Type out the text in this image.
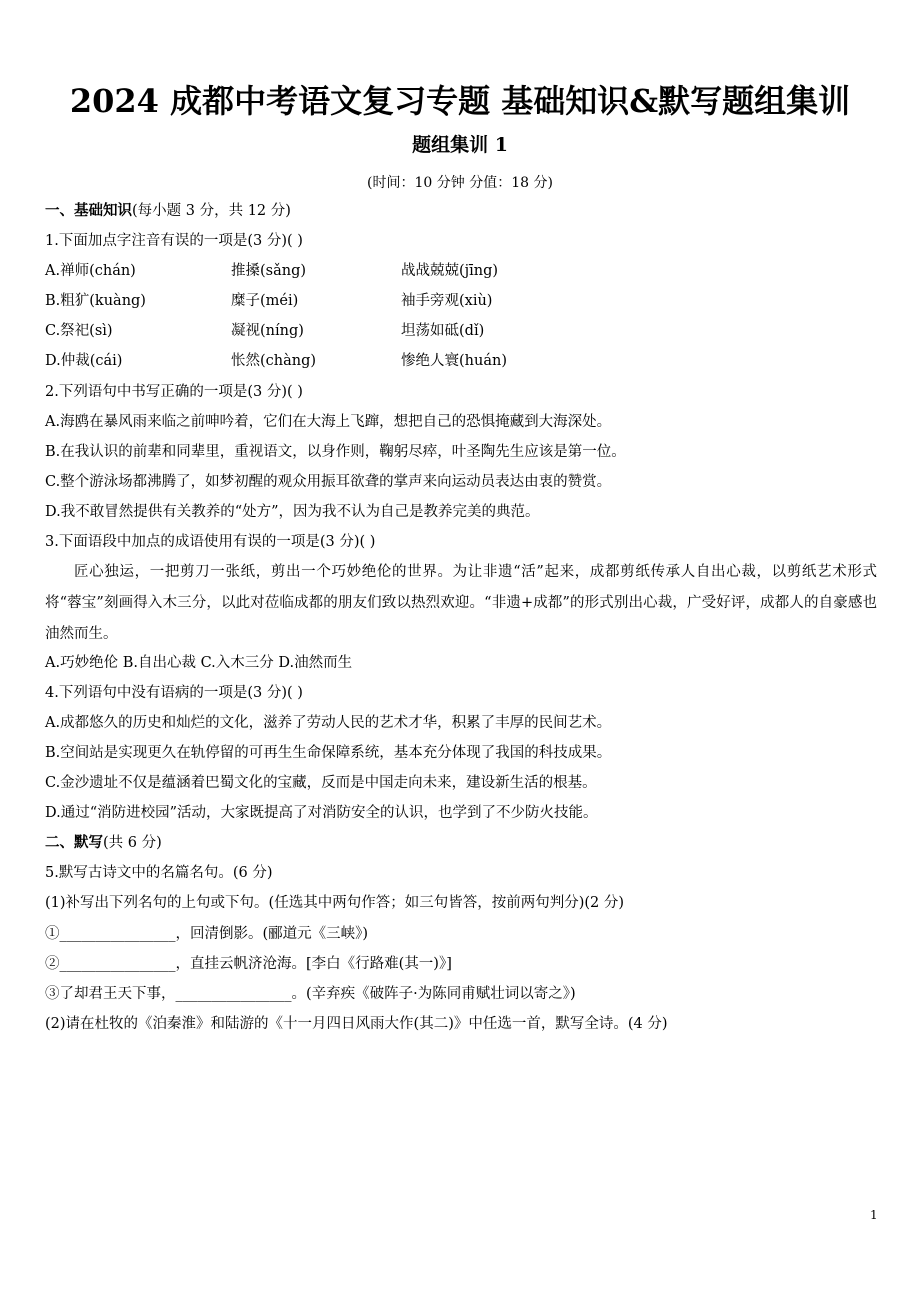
2024 成都中考语文复习专题 基础知识&默写题组集训
题组集训 1
(时间：10 分钟 分值：18 分)
一、基础知识(每小题 3 分，共 12 分)
1.下面加点字注音有误的一项是(3 分)( )
A.禅师(chán)	推搡(sǎng)	战战兢兢(jīng)
B.粗犷(kuàng)	糜子(méi)	袖手旁观(xiù)
C.祭祀(sì)	凝视(níng)	坦荡如砥(dǐ)
D.仲裁(cái)	怅然(chàng)	惨绝人寰(huán)
2.下列语句中书写正确的一项是(3 分)( )
A.海鸥在暴风雨来临之前呻吟着，它们在大海上飞蹿，想把自己的恐惧掩藏到大海深处。
B.在我认识的前辈和同辈里，重视语文，以身作则，鞠躬尽瘁，叶圣陶先生应该是第一位。
C.整个游泳场都沸腾了，如梦初醒的观众用振耳欲聋的掌声来向运动员表达由衷的赞赏。
D.我不敢冒然提供有关教养的“处方”，因为我不认为自己是教养完美的典范。
3.下面语段中加点的成语使用有误的一项是(3 分)( )
匠心独运，一把剪刀一张纸，剪出一个巧妙绝伦的世界。为让非遗“活”起来，成都剪纸传承人自出心裁，以剪纸艺术形式将“蓉宝”刻画得入木三分，以此对莅临成都的朋友们致以热烈欢迎。“非遗+成都”的形式别出心裁，广受好评，成都人的自豪感也油然而生。
A.巧妙绝伦 B.自出心裁 C.入木三分 D.油然而生
4.下列语句中没有语病的一项是(3 分)( )
A.成都悠久的历史和灿烂的文化，滋养了劳动人民的艺术才华，积累了丰厚的民间艺术。
B.空间站是实现更久在轨停留的可再生生命保障系统，基本充分体现了我国的科技成果。
C.金沙遗址不仅是蕴涵着巴蜀文化的宝藏，反而是中国走向未来，建设新生活的根基。
D.通过“消防进校园”活动，大家既提高了对消防安全的认识，也学到了不少防火技能。
二、默写(共 6 分)
5.默写古诗文中的名篇名句。(6 分)
(1)补写出下列名句的上句或下句。(任选其中两句作答；如三句皆答，按前两句判分)(2 分)
①________________，回清倒影。(郦道元《三峡》)
②________________，直挂云帆济沧海。[李白《行路难(其一)》]
③了却君王天下事，________________。(辛弃疾《破阵子·为陈同甫赋壮词以寄之》)
(2)请在杜牧的《泊秦淮》和陆游的《十一月四日风雨大作(其二)》中任选一首，默写全诗。(4 分)
1
